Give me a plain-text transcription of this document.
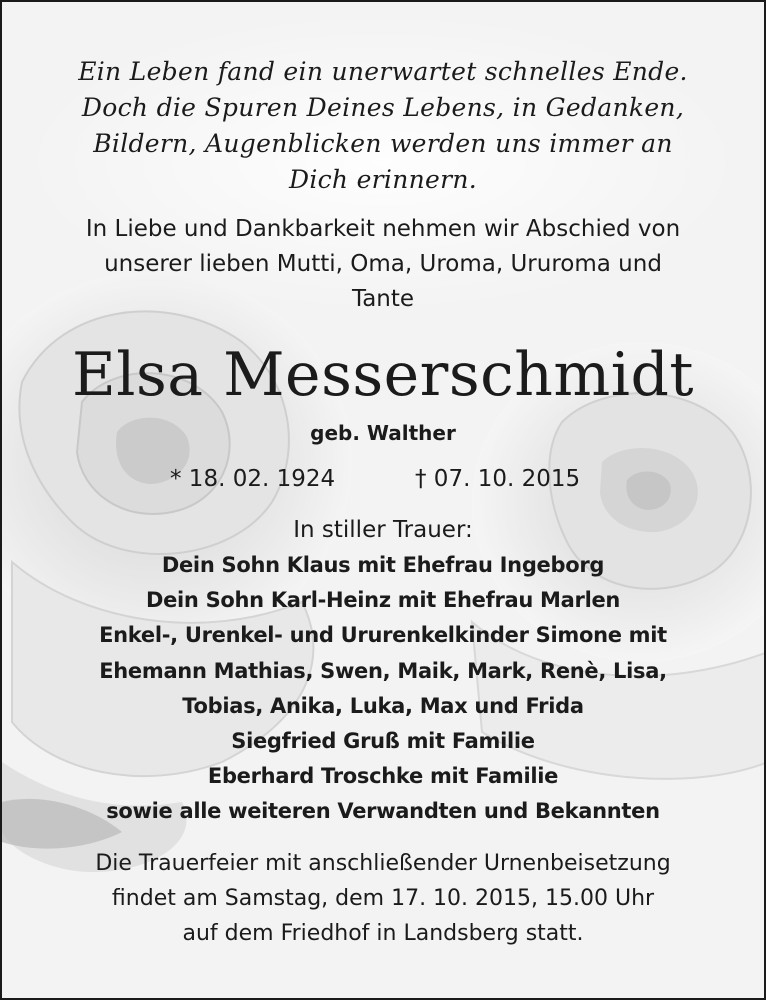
Ein Leben fand ein unerwartet schnelles Ende.
Doch die Spuren Deines Lebens, in Gedanken,
Bildern, Augenblicken werden uns immer an
Dich erinnern.
In Liebe und Dankbarkeit nehmen wir Abschied von
unserer lieben Mutti, Oma, Uroma, Ururoma und
Tante
Elsa Messerschmidt
geb. Walther
* 18. 02. 1924	† 07. 10. 2015
In stiller Trauer:
Dein Sohn Klaus mit Ehefrau Ingeborg
Dein Sohn Karl-Heinz mit Ehefrau Marlen
Enkel-, Urenkel- und Ururenkelkinder Simone mit
Ehemann Mathias, Swen, Maik, Mark, Renè, Lisa,
Tobias, Anika, Luka, Max und Frida
Siegfried Gruß mit Familie
Eberhard Troschke mit Familie
sowie alle weiteren Verwandten und Bekannten
Die Trauerfeier mit anschließender Urnenbeisetzung
findet am Samstag, dem 17. 10. 2015, 15.00 Uhr
auf dem Friedhof in Landsberg statt.
